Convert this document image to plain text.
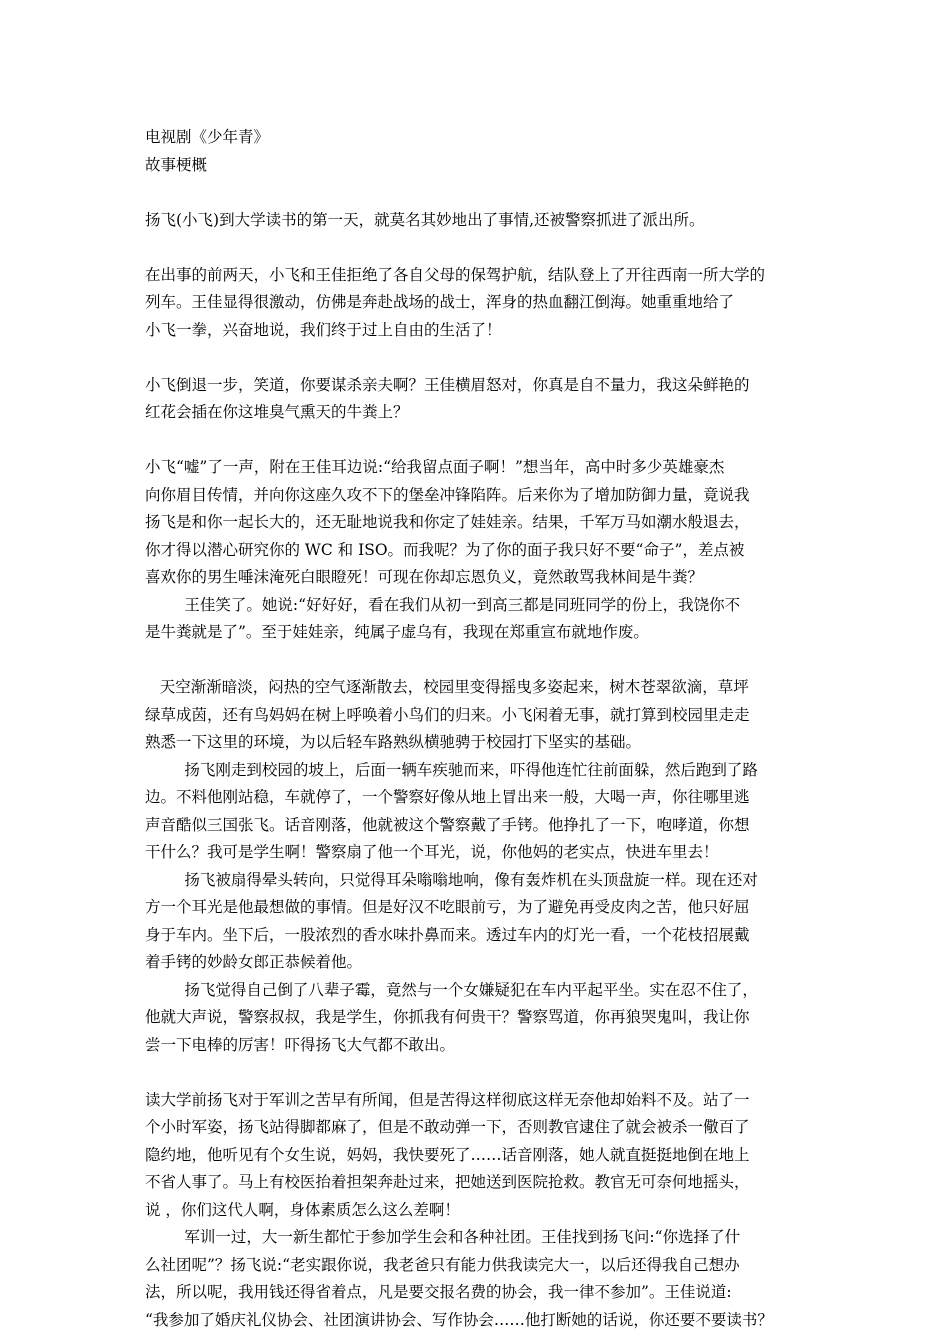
电视剧《少年青》
故事梗概
扬飞(小飞)到大学读书的第一天，就莫名其妙地出了事情,还被警察抓进了派出所。
在出事的前两天，小飞和王佳拒绝了各自父母的保驾护航，结队登上了开往西南一所大学的
列车。王佳显得很激动，仿佛是奔赴战场的战士，浑身的热血翻江倒海。她重重地给了
小飞一拳，兴奋地说，我们终于过上自由的生活了！
小飞倒退一步，笑道，你要谋杀亲夫啊？王佳横眉怒对，你真是自不量力，我这朵鲜艳的
红花会插在你这堆臭气熏天的牛粪上？
小飞“嘘”了一声，附在王佳耳边说:“给我留点面子啊！”想当年，高中时多少英雄豪杰
向你眉目传情，并向你这座久攻不下的堡垒冲锋陷阵。后来你为了增加防御力量，竟说我
扬飞是和你一起长大的，还无耻地说我和你定了娃娃亲。结果，千军万马如潮水般退去，
你才得以潜心研究你的 WC 和 ISO。而我呢？为了你的面子我只好不要“命子”，差点被
喜欢你的男生唾沫淹死白眼瞪死！可现在你却忘恩负义，竟然敢骂我林间是牛粪？
王佳笑了。她说:“好好好，看在我们从初一到高三都是同班同学的份上，我饶你不
是牛粪就是了”。至于娃娃亲，纯属子虚乌有，我现在郑重宣布就地作废。
天空渐渐暗淡，闷热的空气逐渐散去，校园里变得摇曳多姿起来，树木苍翠欲滴，草坪
绿草成茵，还有鸟妈妈在树上呼唤着小鸟们的归来。小飞闲着无事，就打算到校园里走走
熟悉一下这里的环境，为以后轻车路熟纵横驰骋于校园打下坚实的基础。
扬飞刚走到校园的坡上，后面一辆车疾驰而来，吓得他连忙往前面躲，然后跑到了路
边。不料他刚站稳，车就停了，一个警察好像从地上冒出来一般，大喝一声，你往哪里逃
声音酷似三国张飞。话音刚落，他就被这个警察戴了手铐。他挣扎了一下，咆哮道，你想
干什么？我可是学生啊！警察扇了他一个耳光，说，你他妈的老实点，快进车里去！
扬飞被扇得晕头转向，只觉得耳朵嗡嗡地响，像有轰炸机在头顶盘旋一样。现在还对
方一个耳光是他最想做的事情。但是好汉不吃眼前亏，为了避免再受皮肉之苦，他只好屈
身于车内。坐下后，一股浓烈的香水味扑鼻而来。透过车内的灯光一看，一个花枝招展戴
着手铐的妙龄女郎正恭候着他。
扬飞觉得自己倒了八辈子霉，竟然与一个女嫌疑犯在车内平起平坐。实在忍不住了，
他就大声说，警察叔叔，我是学生，你抓我有何贵干？警察骂道，你再狼哭鬼叫，我让你
尝一下电棒的厉害！吓得扬飞大气都不敢出。
读大学前扬飞对于军训之苦早有所闻，但是苦得这样彻底这样无奈他却始料不及。站了一
个小时军姿，扬飞站得脚都麻了，但是不敢动弹一下，否则教官逮住了就会被杀一儆百了
隐约地，他听见有个女生说，妈妈，我快要死了……话音刚落，她人就直挺挺地倒在地上
不省人事了。马上有校医抬着担架奔赴过来，把她送到医院抢救。教官无可奈何地摇头，
说 ，你们这代人啊，身体素质怎么这么差啊！
军训一过，大一新生都忙于参加学生会和各种社团。王佳找到扬飞问:“你选择了什
么社团呢”？扬飞说:“老实跟你说，我老爸只有能力供我读完大一，以后还得我自己想办
法，所以呢，我用钱还得省着点，凡是要交报名费的协会，我一律不参加”。王佳说道:
“我参加了婚庆礼仪协会、社团演讲协会、写作协会……他打断她的话说，你还要不要读书？
